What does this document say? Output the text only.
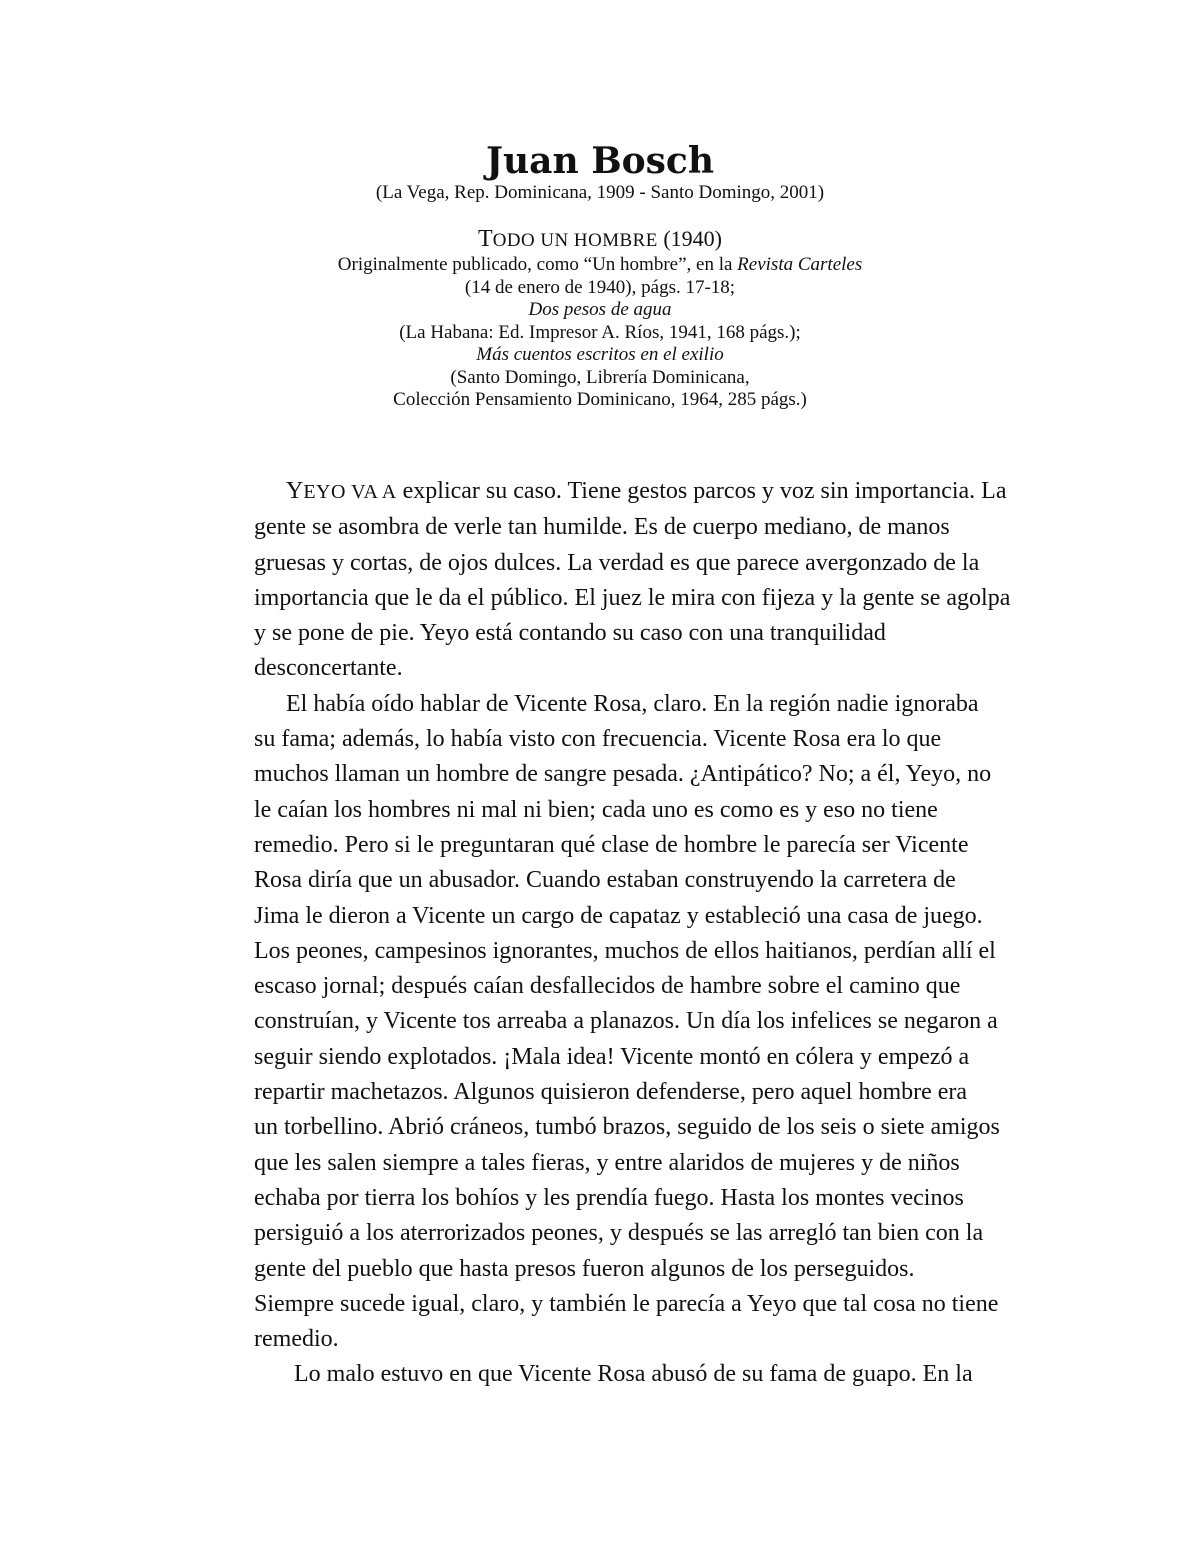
Juan Bosch

(La Vega, Rep. Dominicana, 1909 - Santo Domingo, 2001)

TODO UN HOMBRE (1940)
Originalmente publicado, como “Un hombre”, en la Revista Carteles
(14 de enero de 1940), págs. 17-18;
Dos pesos de agua
(La Habana: Ed. Impresor A. Ríos, 1941, 168 págs.);
Más cuentos escritos en el exilio
(Santo Domingo, Librería Dominicana,
Colección Pensamiento Dominicano, 1964, 285 págs.)

YEYO VA A explicar su caso. Tiene gestos parcos y voz sin importancia. La
gente se asombra de verle tan humilde. Es de cuerpo mediano, de manos
gruesas y cortas, de ojos dulces. La verdad es que parece avergonzado de la
importancia que le da el público. El juez le mira con fijeza y la gente se agolpa
y se pone de pie. Yeyo está contando su caso con una tranquilidad
desconcertante.

El había oído hablar de Vicente Rosa, claro. En la región nadie ignoraba
su fama; además, lo había visto con frecuencia. Vicente Rosa era lo que
muchos llaman un hombre de sangre pesada. ¿Antipático? No; a él, Yeyo, no
le caían los hombres ni mal ni bien; cada uno es como es y eso no tiene
remedio. Pero si le preguntaran qué clase de hombre le parecía ser Vicente
Rosa diría que un abusador. Cuando estaban construyendo la carretera de
Jima le dieron a Vicente un cargo de capataz y estableció una casa de juego.
Los peones, campesinos ignorantes, muchos de ellos haitianos, perdían allí el
escaso jornal; después caían desfallecidos de hambre sobre el camino que
construían, y Vicente tos arreaba a planazos. Un día los infelices se negaron a
seguir siendo explotados. ¡Mala idea! Vicente montó en cólera y empezó a
repartir machetazos. Algunos quisieron defenderse, pero aquel hombre era
un torbellino. Abrió cráneos, tumbó brazos, seguido de los seis o siete amigos
que les salen siempre a tales fieras, y entre alaridos de mujeres y de niños
echaba por tierra los bohíos y les prendía fuego. Hasta los montes vecinos
persiguió a los aterrorizados peones, y después se las arregló tan bien con la
gente del pueblo que hasta presos fueron algunos de los perseguidos.
Siempre sucede igual, claro, y también le parecía a Yeyo que tal cosa no tiene
remedio.

Lo malo estuvo en que Vicente Rosa abusó de su fama de guapo. En la
